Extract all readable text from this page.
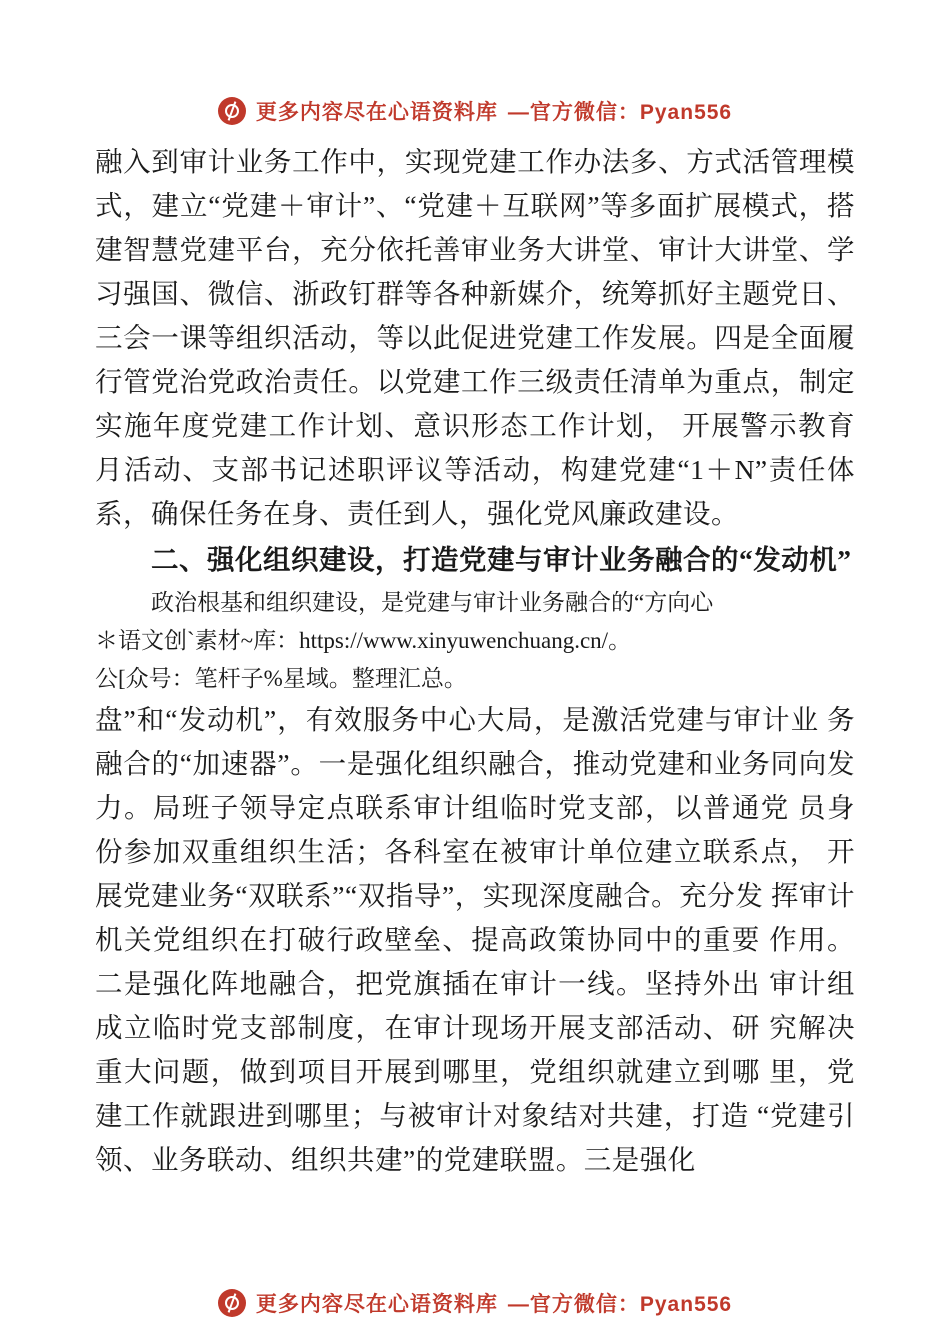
更多内容尽在心语资料库 —官方微信：Pyan556

融入到审计业务工作中，实现党建工作办法多、方式活管理模式，建立“党建＋审计”、“党建＋互联网”等多面扩展模式，搭建智慧党建平台，充分依托善审业务大讲堂、审计大讲堂、学习强国、微信、浙政钉群等各种新媒介，统筹抓好主题党日、三会一课等组织活动，等以此促进党建工作发展。四是全面履行管党治党政治责任。以党建工作三级责任清单为重点，制定实施年度党建工作计划、意识形态工作计划， 开展警示教育月活动、支部书记述职评议等活动，构建党建“1＋N”责任体系，确保任务在身、责任到人，强化党风廉政建设。

二、强化组织建设，打造党建与审计业务融合的“发动机”

政治根基和组织建设，是党建与审计业务融合的“方向心

＊语文创`素材~库：https://www.xinyuwenchuang.cn/。

公[众号：笔杆子%星域。整理汇总。

盘”和“发动机”，有效服务中心大局，是激活党建与审计业 务融合的“加速器”。一是强化组织融合，推动党建和业务同向发力。局班子领导定点联系审计组临时党支部，以普通党 员身份参加双重组织生活；各科室在被审计单位建立联系点， 开展党建业务“双联系”“双指导”，实现深度融合。充分发 挥审计机关党组织在打破行政壁垒、提高政策协同中的重要 作用。二是强化阵地融合，把党旗插在审计一线。坚持外出 审计组成立临时党支部制度，在审计现场开展支部活动、研 究解决重大问题，做到项目开展到哪里，党组织就建立到哪 里，党建工作就跟进到哪里；与被审计对象结对共建，打造 “党建引领、业务联动、组织共建”的党建联盟。三是强化

更多内容尽在心语资料库 —官方微信：Pyan556
